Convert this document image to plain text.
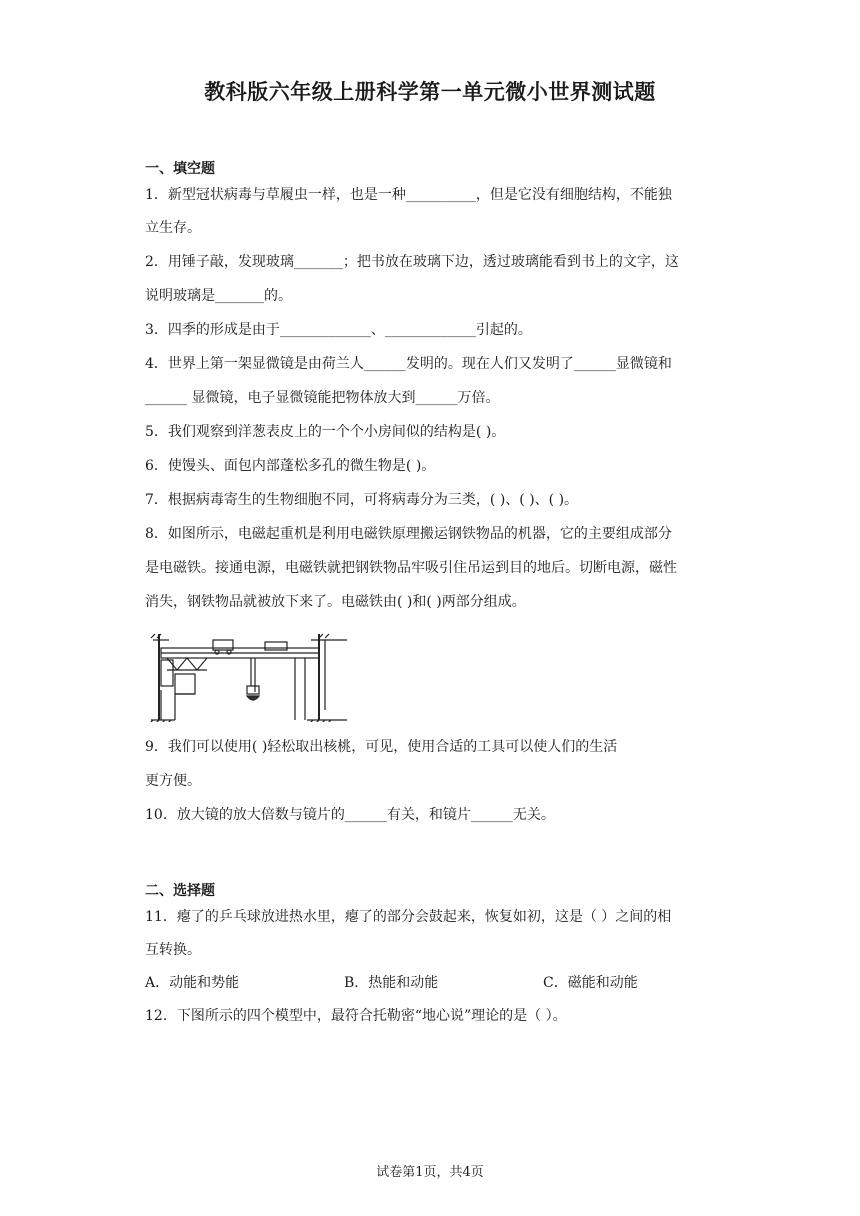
教科版六年级上册科学第一单元微小世界测试题
一、填空题
1．新型冠状病毒与草履虫一样，也是一种__________，但是它没有细胞结构，不能独
立生存。
2．用锤子敲，发现玻璃_______；把书放在玻璃下边，透过玻璃能看到书上的文字，这
说明玻璃是_______的。
3．四季的形成是由于_____________、_____________引起的。
4．世界上第一架显微镜是由荷兰人______发明的。现在人们又发明了______显微镜和
______ 显微镜，电子显微镜能把物体放大到______万倍。
5．我们观察到洋葱表皮上的一个个小房间似的结构是( )。
6．使馒头、面包内部蓬松多孔的微生物是( )。
7．根据病毒寄生的生物细胞不同，可将病毒分为三类，( )、( )、( )。
8．如图所示，电磁起重机是利用电磁铁原理搬运钢铁物品的机器，它的主要组成部分
是电磁铁。接通电源，电磁铁就把钢铁物品牢吸引住吊运到目的地后。切断电源，磁性
消失，钢铁物品就被放下来了。电磁铁由( )和( )两部分组成。
9．我们可以使用( )轻松取出核桃，可见，使用合适的工具可以使人们的生活
更方便。
10．放大镜的放大倍数与镜片的______有关，和镜片______无关。
二、选择题
11．瘪了的乒乓球放进热水里，瘪了的部分会鼓起来，恢复如初，这是（ ）之间的相
互转换。
A．动能和势能	B．热能和动能	C．磁能和动能
12．下图所示的四个模型中，最符合托勒密“地心说”理论的是（ ）。
试卷第1页，共4页
